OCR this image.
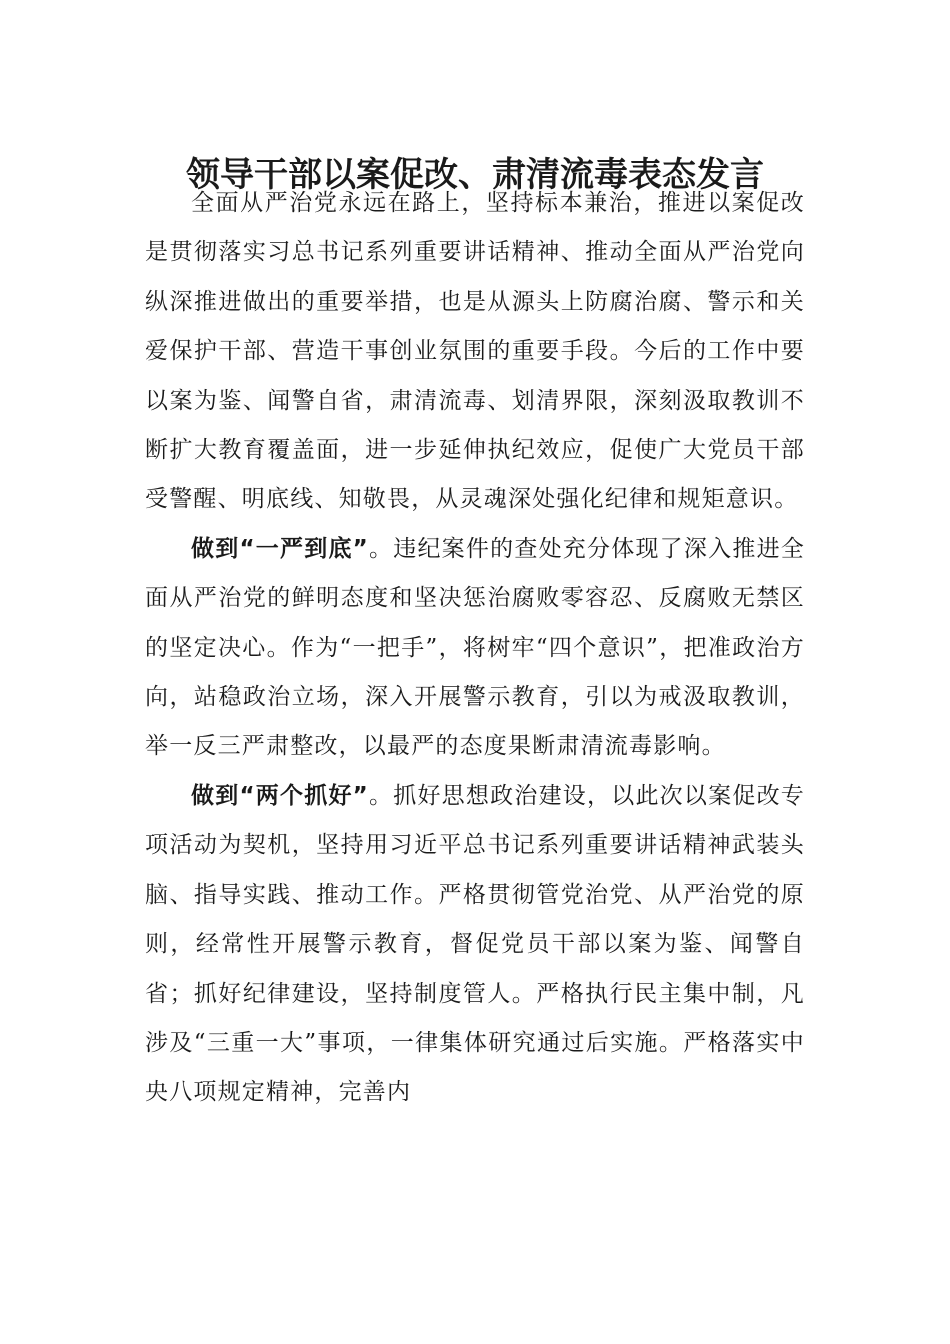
领导干部以案促改、肃清流毒表态发言

全面从严治党永远在路上，坚持标本兼治，推进以案促改是贯彻落实习总书记系列重要讲话精神、推动全面从严治党向纵深推进做出的重要举措，也是从源头上防腐治腐、警示和关爱保护干部、营造干事创业氛围的重要手段。今后的工作中要以案为鉴、闻警自省，肃清流毒、划清界限，深刻汲取教训不断扩大教育覆盖面，进一步延伸执纪效应，促使广大党员干部受警醒、明底线、知敬畏，从灵魂深处强化纪律和规矩意识。

做到“一严到底”。违纪案件的查处充分体现了深入推进全面从严治党的鲜明态度和坚决惩治腐败零容忍、反腐败无禁区的坚定决心。作为“一把手”，将树牢“四个意识”，把准政治方向，站稳政治立场，深入开展警示教育，引以为戒汲取教训，举一反三严肃整改，以最严的态度果断肃清流毒影响。

做到“两个抓好”。抓好思想政治建设，以此次以案促改专项活动为契机，坚持用习近平总书记系列重要讲话精神武装头脑、指导实践、推动工作。严格贯彻管党治党、从严治党的原则，经常性开展警示教育，督促党员干部以案为鉴、闻警自省；抓好纪律建设，坚持制度管人。严格执行民主集中制，凡涉及“三重一大”事项，一律集体研究通过后实施。严格落实中央八项规定精神，完善内
